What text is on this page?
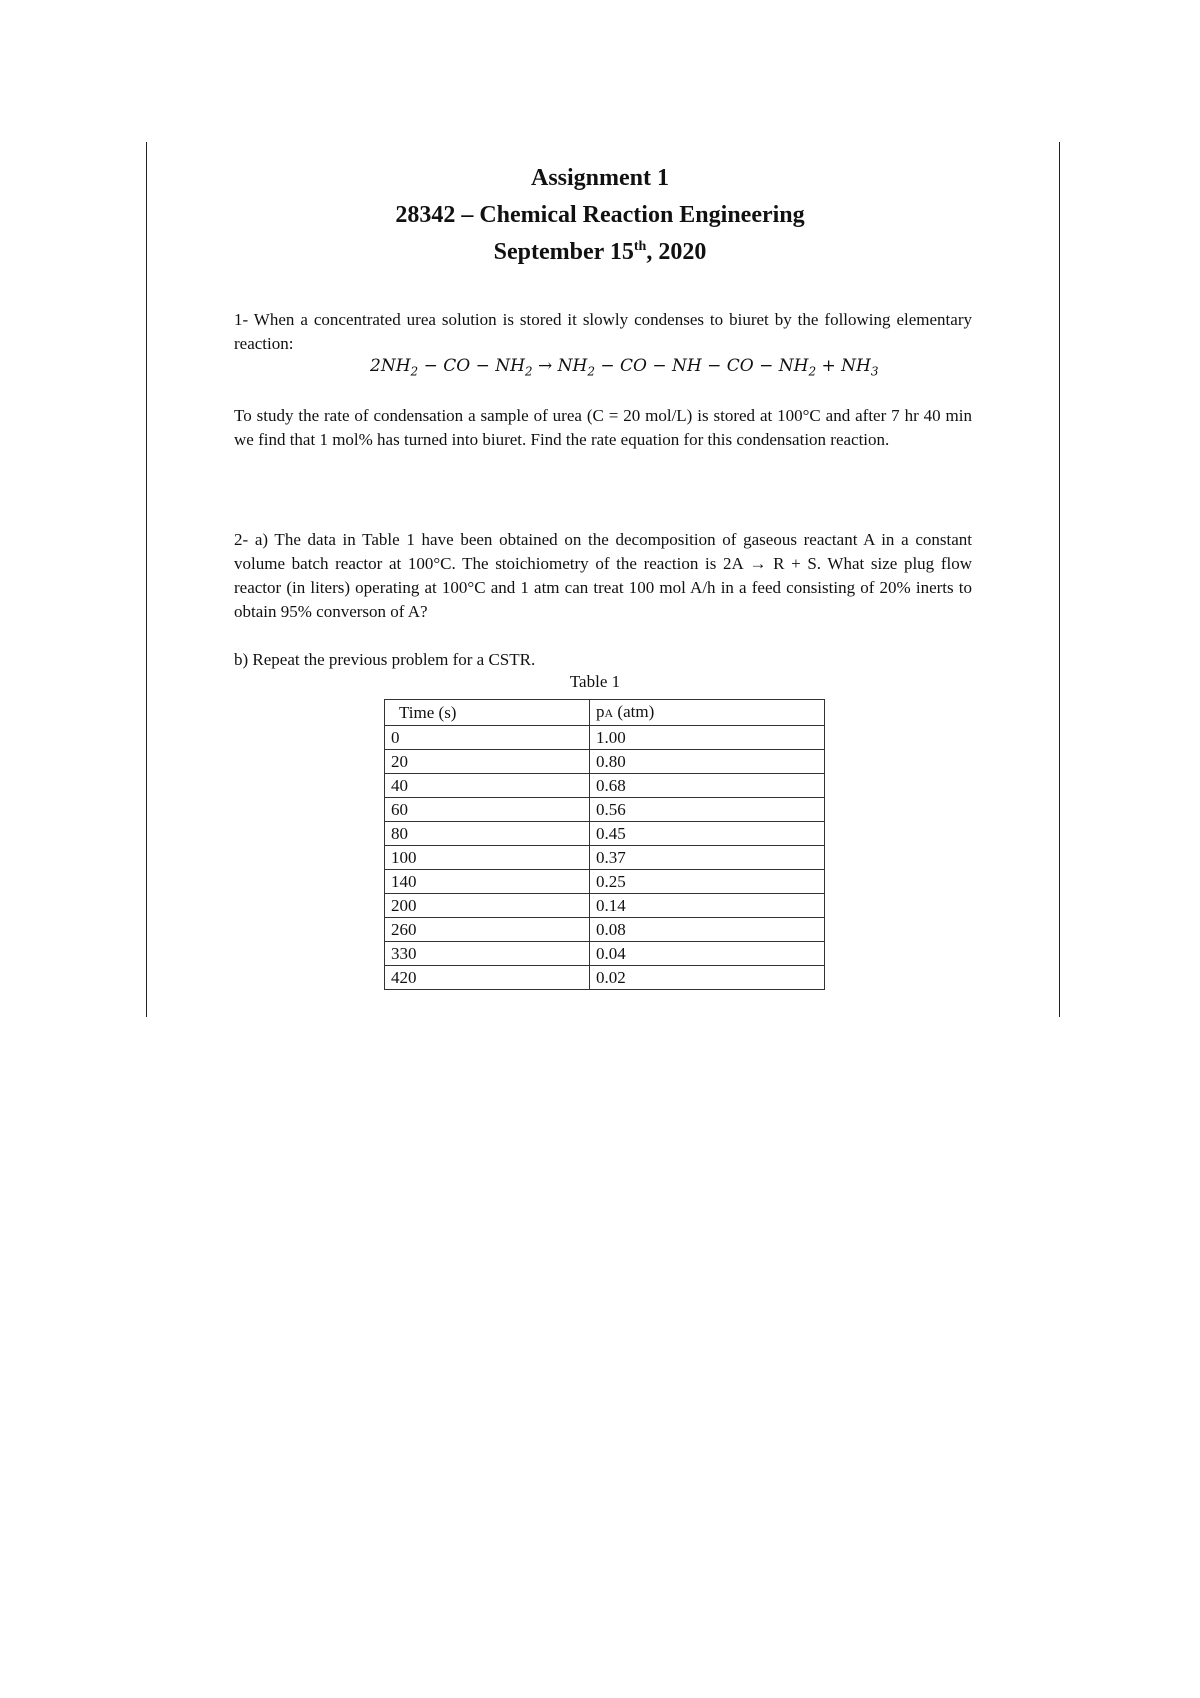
Assignment 1
28342 – Chemical Reaction Engineering
September 15th, 2020

1- When a concentrated urea solution is stored it slowly condenses to biuret by the following elementary reaction:

$2NH_2$ − CO − $NH_2 \to NH_2$ − CO − NH − CO − $NH_2 + NH_3$

To study the rate of condensation a sample of urea (C = 20 mol/L) is stored at 100°C and after 7 hr 40 min we find that 1 mol% has turned into biuret. Find the rate equation for this condensation reaction.

2- a) The data in Table 1 have been obtained on the decomposition of gaseous reactant A in a constant volume batch reactor at 100°C. The stoichiometry of the reaction is 2A → R + S. What size plug flow reactor (in liters) operating at 100°C and 1 atm can treat 100 mol A/h in a feed consisting of 20% inerts to obtain 95% converson of A?

b) Repeat the previous problem for a CSTR.

Table 1
Time (s)	pA (atm)
0	1.00
20	0.80
40	0.68
60	0.56
80	0.45
100	0.37
140	0.25
200	0.14
260	0.08
330	0.04
420	0.02
